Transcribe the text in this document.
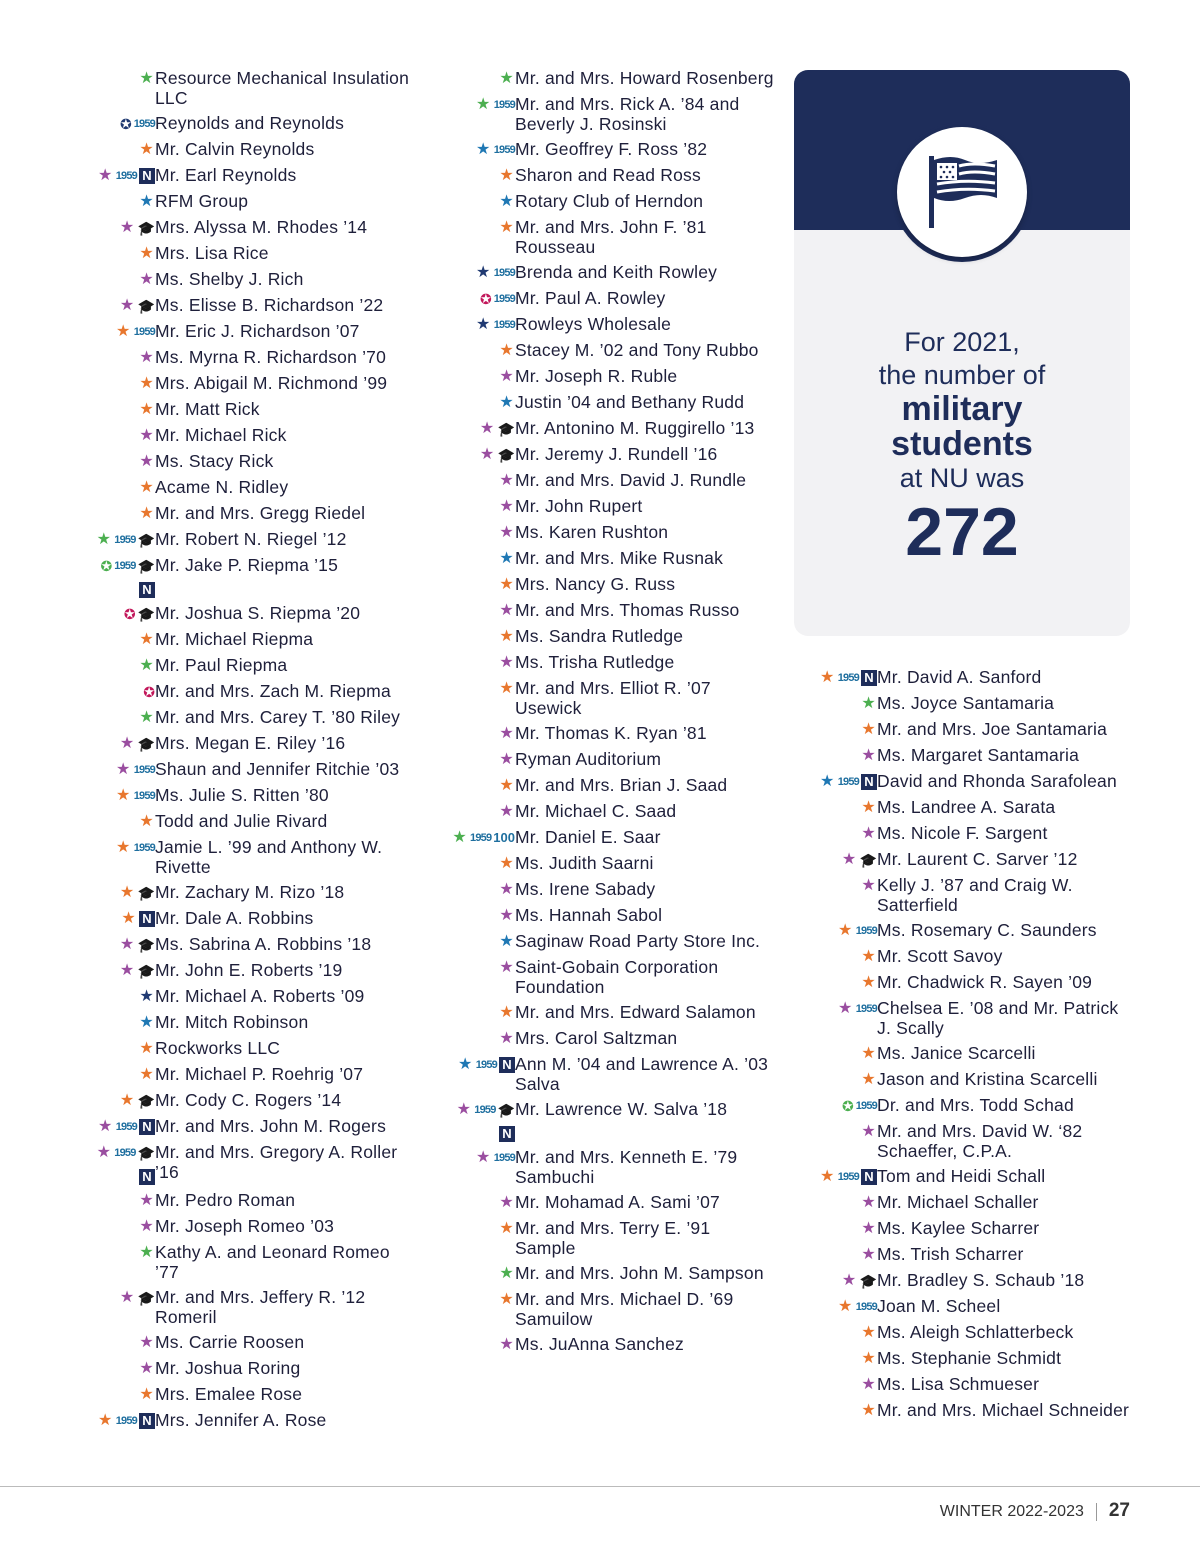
★ Resource Mechanical Insulation LLC
✪ 1959 Reynolds and Reynolds
★ Mr. Calvin Reynolds
★ 1959 N Mr. Earl Reynolds
★ RFM Group
★ 🎓 Mrs. Alyssa M. Rhodes ’14
★ Mrs. Lisa Rice
★ Ms. Shelby J. Rich
★ 🎓 Ms. Elisse B. Richardson ’22
★ 1959 Mr. Eric J. Richardson ’07
★ Ms. Myrna R. Richardson ’70
★ Mrs. Abigail M. Richmond ’99
★ Mr. Matt Rick
★ Mr. Michael Rick
★ Ms. Stacy Rick
★ Acame N. Ridley
★ Mr. and Mrs. Gregg Riedel
★ 1959 🎓 Mr. Robert N. Riegel ’12
✪ 1959 🎓
N
Mr. Jake P. Riepma ’15
✪ 🎓 Mr. Joshua S. Riepma ’20
★ Mr. Michael Riepma
★ Mr. Paul Riepma
✪ Mr. and Mrs. Zach M. Riepma
★ Mr. and Mrs. Carey T. ’80 Riley
★ 🎓 Mrs. Megan E. Riley ’16
★ 1959 Shaun and Jennifer Ritchie ’03
★ 1959 Ms. Julie S. Ritten ’80
★ Todd and Julie Rivard
★ 1959 Jamie L. ’99 and Anthony W. Rivette
★ 🎓 Mr. Zachary M. Rizo ’18
★ N Mr. Dale A. Robbins
★ 🎓 Ms. Sabrina A. Robbins ’18
★ 🎓 Mr. John E. Roberts ’19
★ Mr. Michael A. Roberts ’09
★ Mr. Mitch Robinson
★ Rockworks LLC
★ Mr. Michael P. Roehrig ’07
★ 🎓 Mr. Cody C. Rogers ’14
★ 1959 N Mr. and Mrs. John M. Rogers
★ 1959 🎓
N
Mr. and Mrs. Gregory A. Roller ’16
★ Mr. Pedro Roman
★ Mr. Joseph Romeo ’03
★ Kathy A. and Leonard Romeo ’77
★ 🎓 Mr. and Mrs. Jeffery R. ’12 Romeril
★ Ms. Carrie Roosen
★ Mr. Joshua Roring
★ Mrs. Emalee Rose
★ 1959 N Mrs. Jennifer A. Rose
★ Mr. and Mrs. Howard Rosenberg
★ 1959 Mr. and Mrs. Rick A. ’84 and Beverly J. Rosinski
★ 1959 Mr. Geoffrey F. Ross ’82
★ Sharon and Read Ross
★ Rotary Club of Herndon
★ Mr. and Mrs. John F. ’81 Rousseau
★ 1959 Brenda and Keith Rowley
✪ 1959 Mr. Paul A. Rowley
★ 1959 Rowleys Wholesale
★ Stacey M. ’02 and Tony Rubbo
★ Mr. Joseph R. Ruble
★ Justin ’04 and Bethany Rudd
★ 🎓 Mr. Antonino M. Ruggirello ’13
★ 🎓 Mr. Jeremy J. Rundell ’16
★ Mr. and Mrs. David J. Rundle
★ Mr. John Rupert
★ Ms. Karen Rushton
★ Mr. and Mrs. Mike Rusnak
★ Mrs. Nancy G. Russ
★ Mr. and Mrs. Thomas Russo
★ Ms. Sandra Rutledge
★ Ms. Trisha Rutledge
★ Mr. and Mrs. Elliot R. ’07 Usewick
★ Mr. Thomas K. Ryan ’81
★ Ryman Auditorium
★ Mr. and Mrs. Brian J. Saad
★ Mr. Michael C. Saad
★ 1959 100 Mr. Daniel E. Saar
★ Ms. Judith Saarni
★ Ms. Irene Sabady
★ Ms. Hannah Sabol
★ Saginaw Road Party Store Inc.
★ Saint-Gobain Corporation Foundation
★ Mr. and Mrs. Edward Salamon
★ Mrs. Carol Saltzman
★ 1959 N Ann M. ’04 and Lawrence A. ’03 Salva
★ 1959 🎓
N
Mr. Lawrence W. Salva ’18
★ 1959 Mr. and Mrs. Kenneth E. ’79 Sambuchi
★ Mr. Mohamad A. Sami ’07
★ Mr. and Mrs. Terry E. ’91 Sample
★ Mr. and Mrs. John M. Sampson
★ Mr. and Mrs. Michael D. ’69 Samuilow
★ Ms. JuAnna Sanchez
★ 1959 N Mr. David A. Sanford
★ Ms. Joyce Santamaria
★ Mr. and Mrs. Joe Santamaria
★ Ms. Margaret Santamaria
★ 1959 N David and Rhonda Sarafolean
★ Ms. Landree A. Sarata
★ Ms. Nicole F. Sargent
★ 🎓 Mr. Laurent C. Sarver ’12
★ Kelly J. ’87 and Craig W. Satterfield
★ 1959 Ms. Rosemary C. Saunders
★ Mr. Scott Savoy
★ Mr. Chadwick R. Sayen ’09
★ 1959 Chelsea E. ’08 and Mr. Patrick J. Scally
★ Ms. Janice Scarcelli
★ Jason and Kristina Scarcelli
✪ 1959 Dr. and Mrs. Todd Schad
★ Mr. and Mrs. David W. ‘82 Schaeffer, C.P.A.
★ 1959 N Tom and Heidi Schall
★ Mr. Michael Schaller
★ Ms. Kaylee Scharrer
★ Ms. Trish Scharrer
★ 🎓 Mr. Bradley S. Schaub ’18
★ 1959 Joan M. Scheel
★ Ms. Aleigh Schlatterbeck
★ Ms. Stephanie Schmidt
★ Ms. Lisa Schmueser
★ Mr. and Mrs. Michael Schneider
For 2021,
the number of
military
students
at NU was
272
WINTER 2022-2023 27
